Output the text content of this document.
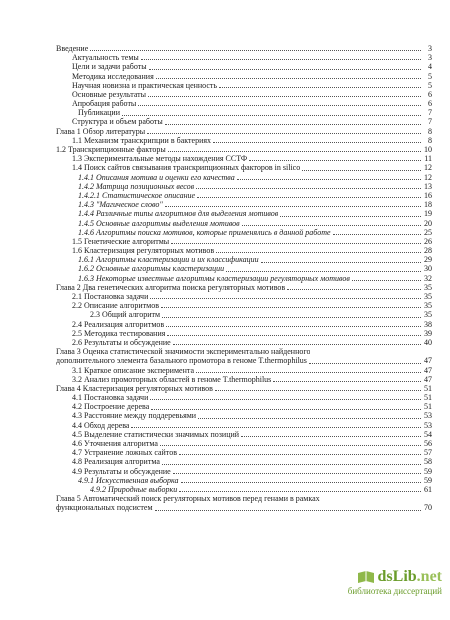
Введение	3
Актуальность темы	3
Цели и задачи работы	4
Методика исследования	5
Научная новизна и практическая ценность	5
Основные результаты	6
Апробация работы	6
Публикации	7
Структура и объем работы	7
Глава 1 Обзор литературы	8
1.1 Механизм транскрипции в бактериях	8
1.2 Транскрипционные факторы	10
1.3 Экспериментальные методы нахождения ССТФ	11
1.4 Поиск сайтов связывания транскрипционных факторов in silico	12
1.4.1 Описания мотива и оценки его качества	12
1.4.2 Матрица позиционных весов	13
1.4.2.1 Статистическое описание	16
1.4.3 "Магическое слово"	18
1.4.4 Различные типы алгоритмов для выделения мотивов	19
1.4.5 Основные алгоритмы выделения мотивов	20
1.4.6 Алгоритмы поиска мотивов, которые применялись в данной работе	25
1.5 Генетические алгоритмы	26
1.6 Кластеризация регуляторных мотивов	28
1.6.1 Алгоритмы кластеризации и их классификации	29
1.6.2 Основные алгоритмы кластеризации	30
1.6.3 Некоторые известные алгоритмы кластеризации регуляторных мотивов	32
Глава 2 Два генетических алгоритма поиска регуляторных мотивов	35
2.1 Постановка задачи	35
2.2 Описание алгоритмов	35
2.3 Общий алгоритм	35
2.4 Реализация алгоритмов	38
2.5 Методика тестирования	39
2.6 Результаты и обсуждение	40
Глава 3 Оценка статистической значимости экспериментально найденного
дополнительного элемента базального промотора в геноме T.thermophilus	47
3.1 Краткое описание эксперимента	47
3.2 Анализ промоторных областей в геноме T.thermophilus	47
Глава 4 Кластеризация регуляторных мотивов	51
4.1 Постановка задачи	51
4.2 Построение дерева	51
4.3 Расстояние между поддеревьями	53
4.4 Обход дерева	53
4.5 Выделение статистически значимых позиций	54
4.6 Уточнения алгоритма	56
4.7 Устранение ложных сайтов	57
4.8 Реализация алгоритма	58
4.9 Результаты и обсуждение	59
4.9.1 Искусственная выборка	59
4.9.2 Природные выборки	61
Глава 5 Автоматический поиск регуляторных мотивов перед генами в рамках
функциональных подсистем	70
dsLib.net
библиотека диссертаций
